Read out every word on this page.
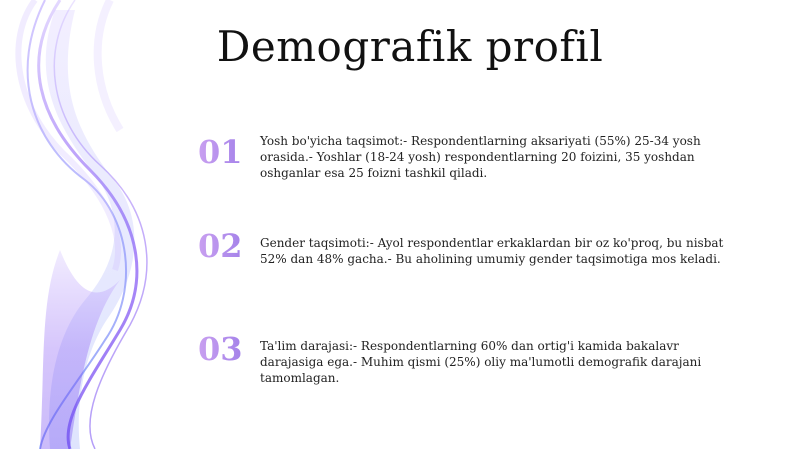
Demografik profil
01	Yosh bo'yicha taqsimot:- Respondentlarning aksariyati (55%) 25-34 yosh orasida.- Yoshlar (18-24 yosh) respondentlarning 20 foizini, 35 yoshdan oshganlar esa 25 foizni tashkil qiladi.
02	Gender taqsimoti:- Ayol respondentlar erkaklardan bir oz ko'proq, bu nisbat 52% dan 48% gacha.- Bu aholining umumiy gender taqsimotiga mos keladi.
03	Ta'lim darajasi:- Respondentlarning 60% dan ortig'i kamida bakalavr darajasiga ega.- Muhim qismi (25%) oliy ma'lumotli demografik darajani tamomlagan.
